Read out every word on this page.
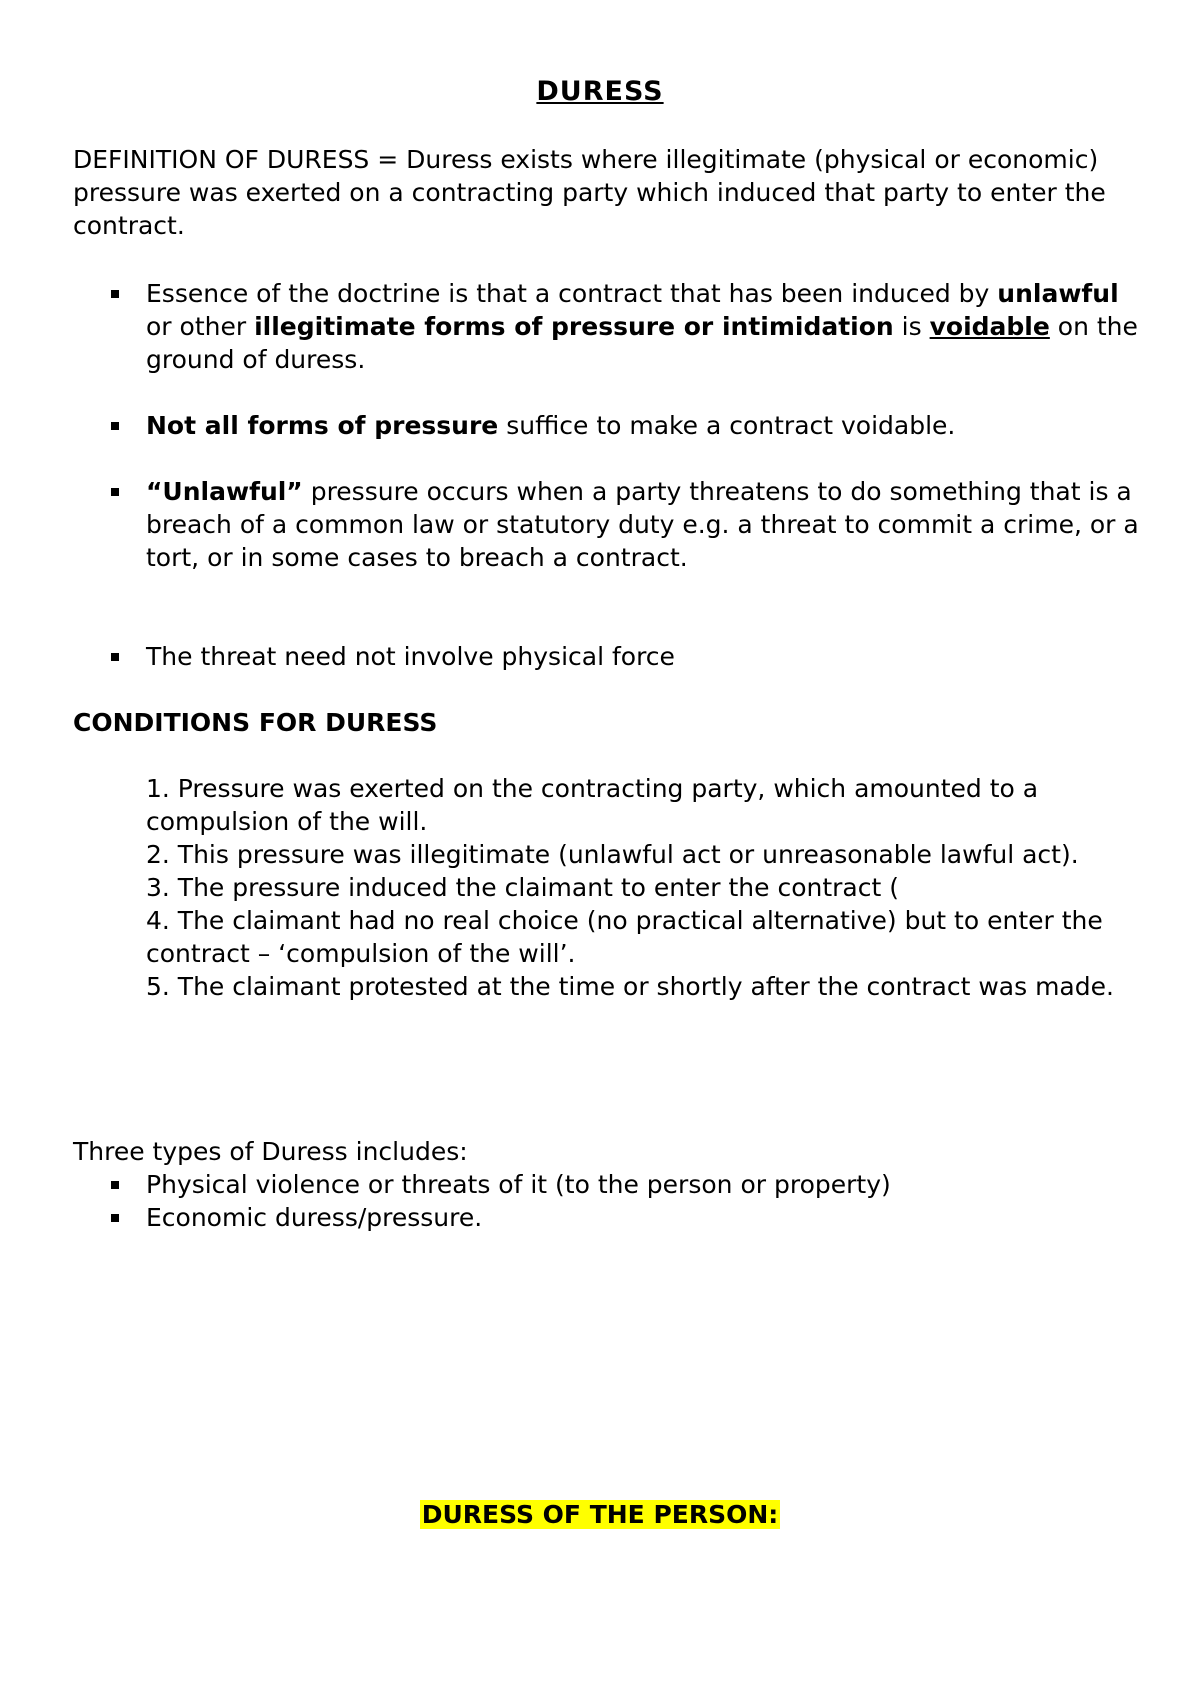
DURESS

DEFINITION OF DURESS = Duress exists where illegitimate (physical or economic) pressure was exerted on a contracting party which induced that party to enter the contract.

Essence of the doctrine is that a contract that has been induced by unlawful or other illegitimate forms of pressure or intimidation is voidable on the ground of duress.

Not all forms of pressure suffice to make a contract voidable.

“Unlawful” pressure occurs when a party threatens to do something that is a breach of a common law or statutory duty e.g. a threat to commit a crime, or a tort, or in some cases to breach a contract.

The threat need not involve physical force

CONDITIONS FOR DURESS
1. Pressure was exerted on the contracting party, which amounted to a compulsion of the will.
2. This pressure was illegitimate (unlawful act or unreasonable lawful act).
3. The pressure induced the claimant to enter the contract (
4. The claimant had no real choice (no practical alternative) but to enter the contract – ‘compulsion of the will’.
5. The claimant protested at the time or shortly after the contract was made.

Three types of Duress includes:

Physical violence or threats of it (to the person or property)

Economic duress/pressure.

DURESS OF THE PERSON:
